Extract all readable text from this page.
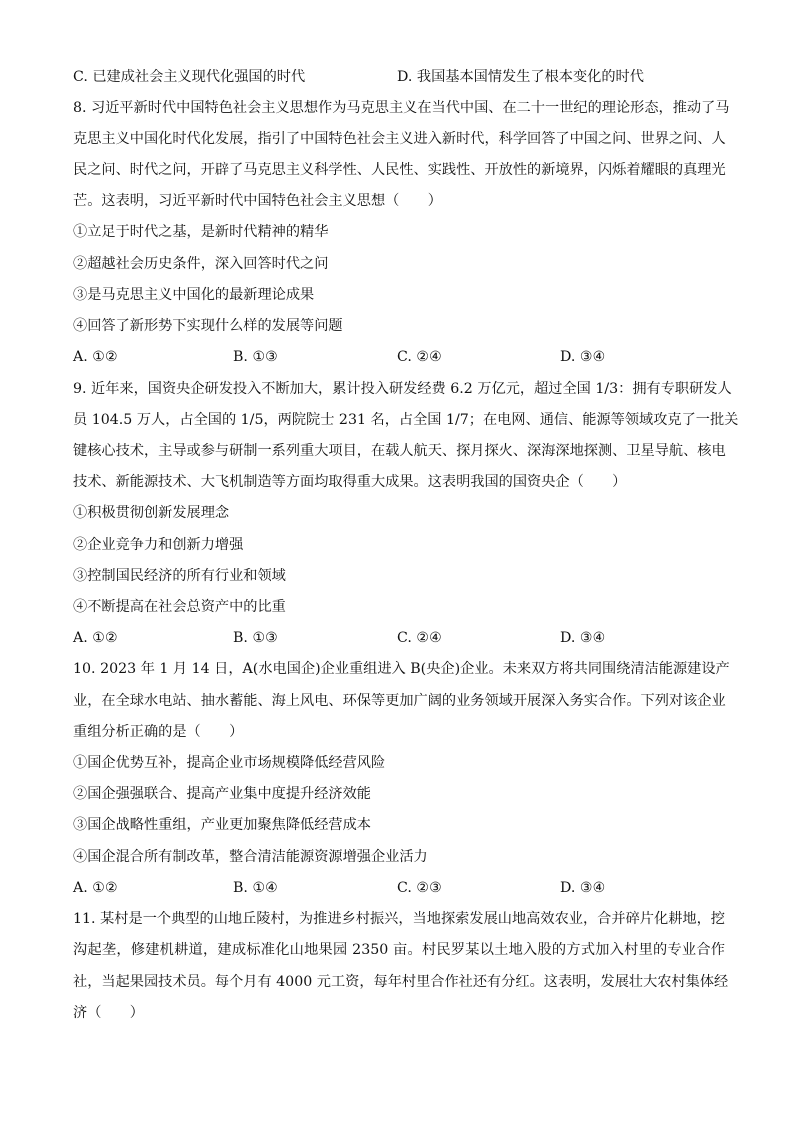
C. 已建成社会主义现代化强国的时代	D. 我国基本国情发生了根本变化的时代
8. 习近平新时代中国特色社会主义思想作为马克思主义在当代中国、在二十一世纪的理论形态，推动了马
克思主义中国化时代化发展，指引了中国特色社会主义进入新时代，科学回答了中国之问、世界之问、人
民之问、时代之问，开辟了马克思主义科学性、人民性、实践性、开放性的新境界，闪烁着耀眼的真理光
芒。这表明，习近平新时代中国特色社会主义思想（　　）
①立足于时代之基，是新时代精神的精华
②超越社会历史条件，深入回答时代之问
③是马克思主义中国化的最新理论成果
④回答了新形势下实现什么样的发展等问题
A. ①②	B. ①③	C. ②④	D. ③④
9. 近年来，国资央企研发投入不断加大，累计投入研发经费 6.2 万亿元，超过全国 1/3：拥有专职研发人
员 104.5 万人，占全国的 1/5，两院院士 231 名，占全国 1/7；在电网、通信、能源等领域攻克了一批关
键核心技术，主导或参与研制一系列重大项目，在载人航天、探月探火、深海深地探测、卫星导航、核电
技术、新能源技术、大飞机制造等方面均取得重大成果。这表明我国的国资央企（　　）
①积极贯彻创新发展理念
②企业竞争力和创新力增强
③控制国民经济的所有行业和领域
④不断提高在社会总资产中的比重
A. ①②	B. ①③	C. ②④	D. ③④
10. 2023 年 1 月 14 日，A(水电国企)企业重组进入 B(央企)企业。未来双方将共同围绕清洁能源建设产
业，在全球水电站、抽水蓄能、海上风电、环保等更加广阔的业务领域开展深入务实合作。下列对该企业
重组分析正确的是（　　）
①国企优势互补，提高企业市场规模降低经营风险
②国企强强联合、提高产业集中度提升经济效能
③国企战略性重组，产业更加聚焦降低经营成本
④国企混合所有制改革，整合清洁能源资源增强企业活力
A. ①②	B. ①④	C. ②③	D. ③④
11. 某村是一个典型的山地丘陵村，为推进乡村振兴，当地探索发展山地高效农业，合并碎片化耕地，挖
沟起垄，修建机耕道，建成标准化山地果园 2350 亩。村民罗某以土地入股的方式加入村里的专业合作
社，当起果园技术员。每个月有 4000 元工资，每年村里合作社还有分红。这表明，发展壮大农村集体经
济（　　）
